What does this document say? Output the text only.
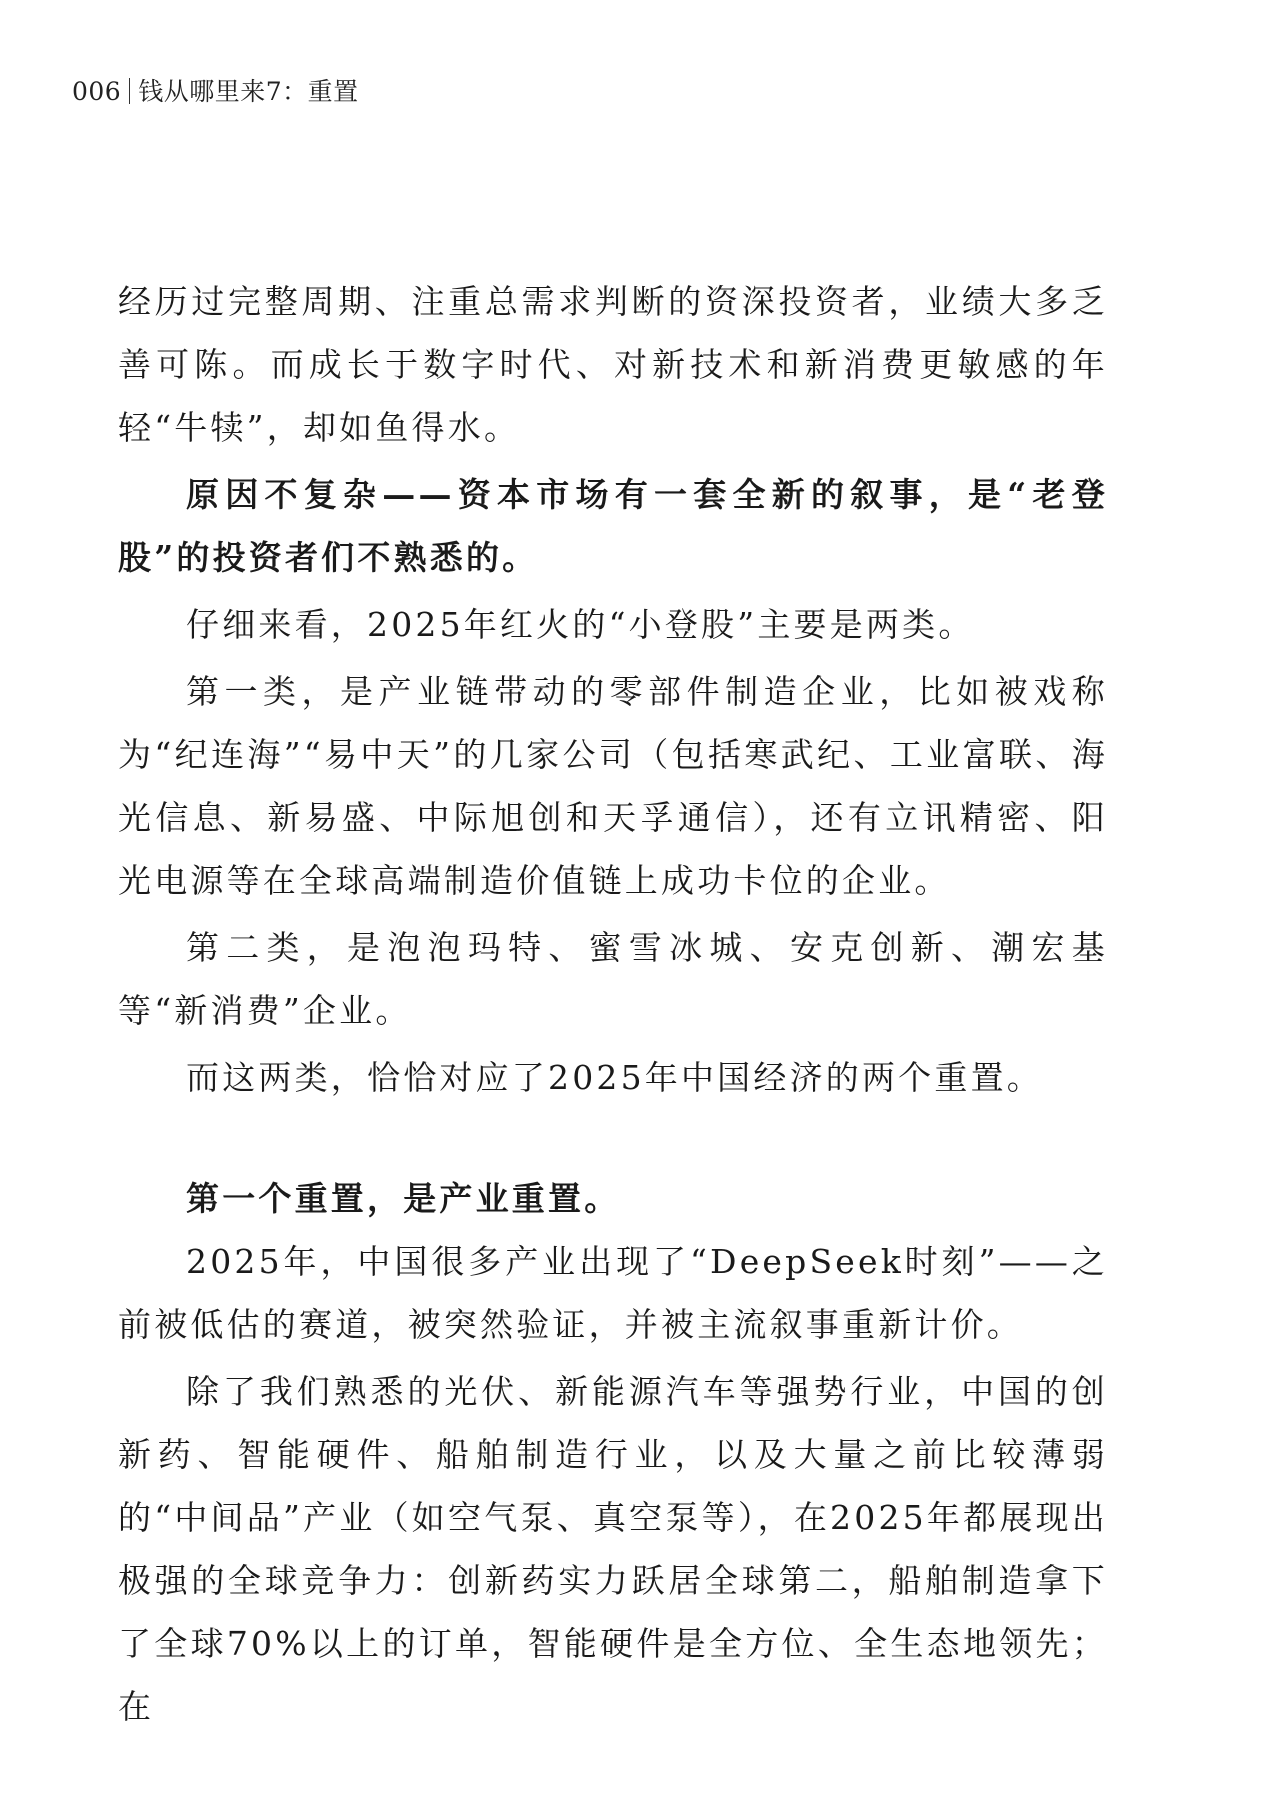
006 钱从哪里来7：重置

经历过完整周期、注重总需求判断的资深投资者，业绩大多乏善可陈。而成长于数字时代、对新技术和新消费更敏感的年轻“牛犊”，却如鱼得水。

原因不复杂——资本市场有一套全新的叙事，是“老登股”的投资者们不熟悉的。

仔细来看，2025年红火的“小登股”主要是两类。

第一类，是产业链带动的零部件制造企业，比如被戏称为“纪连海”“易中天”的几家公司（包括寒武纪、工业富联、海光信息、新易盛、中际旭创和天孚通信），还有立讯精密、阳光电源等在全球高端制造价值链上成功卡位的企业。

第二类，是泡泡玛特、蜜雪冰城、安克创新、潮宏基等“新消费”企业。

而这两类，恰恰对应了2025年中国经济的两个重置。

第一个重置，是产业重置。

2025年，中国很多产业出现了“DeepSeek时刻”——之前被低估的赛道，被突然验证，并被主流叙事重新计价。

除了我们熟悉的光伏、新能源汽车等强势行业，中国的创新药、智能硬件、船舶制造行业，以及大量之前比较薄弱的“中间品”产业（如空气泵、真空泵等），在2025年都展现出极强的全球竞争力：创新药实力跃居全球第二，船舶制造拿下了全球70%以上的订单，智能硬件是全方位、全生态地领先；在
